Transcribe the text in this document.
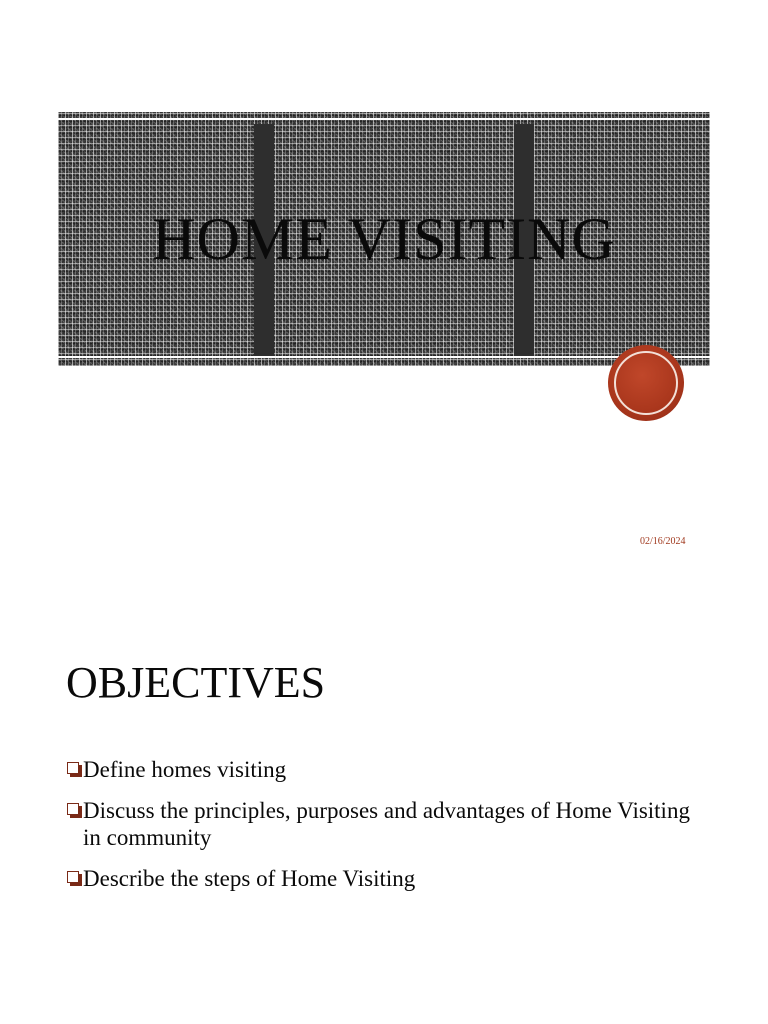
HOME VISITING
02/16/2024
OBJECTIVES
Define homes visiting
Discuss the principles, purposes and advantages of Home Visiting in community
Describe the steps of Home Visiting
